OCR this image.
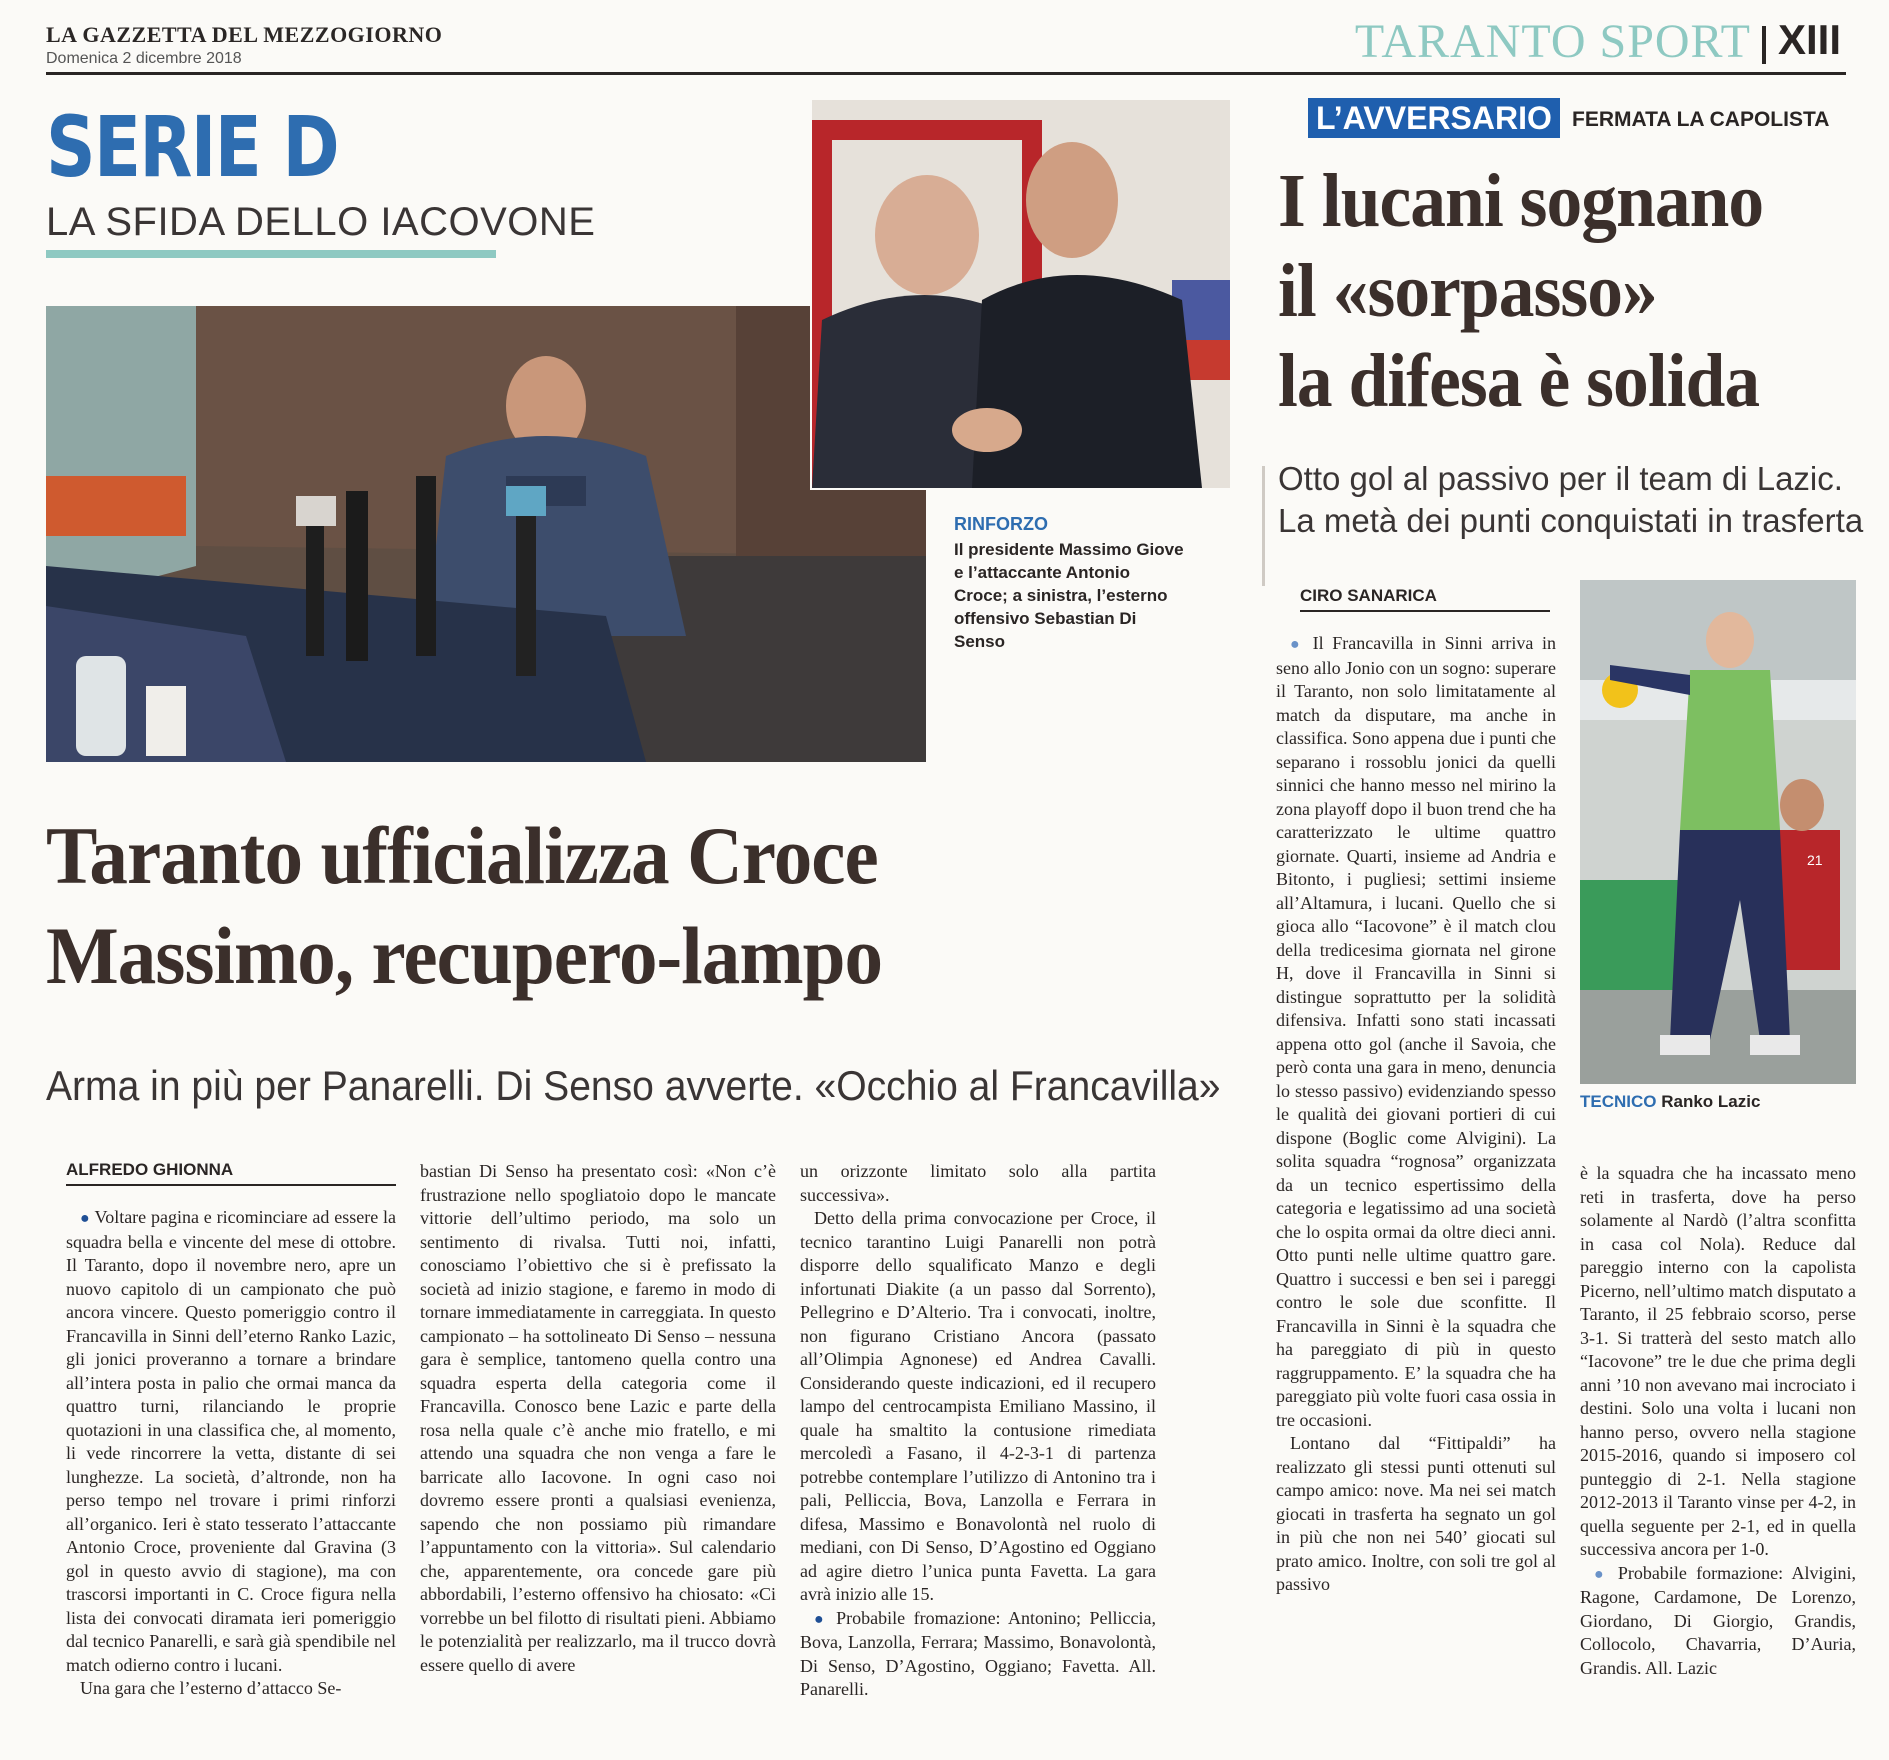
LA GAZZETTA DEL MEZZOGIORNO
Domenica 2 dicembre 2018	TARANTO SPORT XIII
SERIE D
LA SFIDA DELLO IACOVONE
RINFORZO
Il presidente Massimo Giove e l’attaccante Antonio Croce; a sinistra, l’esterno offensivo Sebastian Di Senso
Taranto ufficializza Croce
Massimo, recupero-lampo
Arma in più per Panarelli. Di Senso avverte. «Occhio al Francavilla»
ALFREDO GHIONNA

● Voltare pagina e ricominciare ad essere la squadra bella e vincente del mese di ottobre. Il Taranto, dopo il novembre nero, apre un nuovo capitolo di un campionato che può ancora vincere. Questo pomeriggio contro il Francavilla in Sinni dell’eterno Ranko Lazic, gli jonici proveranno a tornare a brindare all’intera posta in palio che ormai manca da quattro turni, rilanciando le proprie quotazioni in una classifica che, al momento, li vede rincorrere la vetta, distante di sei lunghezze. La società, d’altronde, non ha perso tempo nel trovare i primi rinforzi all’organico. Ieri è stato tesserato l’attaccante Antonio Croce, proveniente dal Gravina (3 gol in questo avvio di stagione), ma con trascorsi importanti in C. Croce figura nella lista dei convocati diramata ieri pomeriggio dal tecnico Panarelli, e sarà già spendibile nel match odierno contro i lucani.

Una gara che l’esterno d’attacco Se-

bastian Di Senso ha presentato così: «Non c’è frustrazione nello spogliatoio dopo le mancate vittorie dell’ultimo periodo, ma solo un sentimento di rivalsa. Tutti noi, infatti, conosciamo l’obiettivo che si è prefissato la società ad inizio stagione, e faremo in modo di tornare immediatamente in carreggiata. In questo campionato – ha sottolineato Di Senso – nessuna gara è semplice, tantomeno quella contro una squadra esperta della categoria come il Francavilla. Conosco bene Lazic e parte della rosa nella quale c’è anche mio fratello, e mi attendo una squadra che non venga a fare le barricate allo Iacovone. In ogni caso noi dovremo essere pronti a qualsiasi evenienza, sapendo che non possiamo più rimandare l’appuntamento con la vittoria». Sul calendario che, apparentemente, ora concede gare più abbordabili, l’esterno offensivo ha chiosato: «Ci vorrebbe un bel filotto di risultati pieni. Abbiamo le potenzialità per realizzarlo, ma il trucco dovrà essere quello di avere

un orizzonte limitato solo alla partita successiva».

Detto della prima convocazione per Croce, il tecnico tarantino Luigi Panarelli non potrà disporre dello squalificato Manzo e degli infortunati Diakite (a un passo dal Sorrento), Pellegrino e D’Alterio. Tra i convocati, inoltre, non figurano Cristiano Ancora (passato all’Olimpia Agnonese) ed Andrea Cavalli. Considerando queste indicazioni, ed il recupero lampo del centrocampista Emiliano Massino, il quale ha smaltito la contusione rimediata mercoledì a Fasano, il 4-2-3-1 di partenza potrebbe contemplare l’utilizzo di Antonino tra i pali, Pelliccia, Bova, Lanzolla e Ferrara in difesa, Massimo e Bonavolontà nel ruolo di mediani, con Di Senso, D’Agostino ed Oggiano ad agire dietro l’unica punta Favetta. La gara avrà inizio alle 15.

● Probabile fromazione: Antonino; Pelliccia, Bova, Lanzolla, Ferrara; Massimo, Bonavolontà, Di Senso, D’Agostino, Oggiano; Favetta. All. Panarelli.

L’AVVERSARIO FERMATA LA CAPOLISTA
I lucani sognano
il «sorpasso»
la difesa è solida
Otto gol al passivo per il team di Lazic.
La metà dei punti conquistati in trasferta
21
TECNICO Ranko Lazic
CIRO SANARICA

● Il Francavilla in Sinni arriva in seno allo Jonio con un sogno: superare il Taranto, non solo limitatamente al match da disputare, ma anche in classifica. Sono appena due i punti che separano i rossoblu jonici da quelli sinnici che hanno messo nel mirino la zona playoff dopo il buon trend che ha caratterizzato le ultime quattro giornate. Quarti, insieme ad Andria e Bitonto, i pugliesi; settimi insieme all’Altamura, i lucani. Quello che si gioca allo “Iacovone” è il match clou della tredicesima giornata nel girone H, dove il Francavilla in Sinni si distingue soprattutto per la solidità difensiva. Infatti sono stati incassati appena otto gol (anche il Savoia, che però conta una gara in meno, denuncia lo stesso passivo) evidenziando spesso le qualità dei giovani portieri di cui dispone (Boglic come Alvigini). La solita squadra “rognosa” organizzata da un tecnico espertissimo della categoria e legatissimo ad una società che lo ospita ormai da oltre dieci anni. Otto punti nelle ultime quattro gare. Quattro i successi e ben sei i pareggi contro le sole due sconfitte. Il Francavilla in Sinni è la squadra che ha pareggiato di più in questo raggruppamento. E’ la squadra che ha pareggiato più volte fuori casa ossia in tre occasioni.

Lontano dal “Fittipaldi” ha realizzato gli stessi punti ottenuti sul campo amico: nove. Ma nei sei match giocati in trasferta ha segnato un gol in più che non nei 540’ giocati sul prato amico. Inoltre, con soli tre gol al passivo

è la squadra che ha incassato meno reti in trasferta, dove ha perso solamente al Nardò (l’altra sconfitta in casa col Nola). Reduce dal pareggio interno con la capolista Picerno, nell’ultimo match disputato a Taranto, il 25 febbraio scorso, perse 3-1. Si tratterà del sesto match allo “Iacovone” tre le due che prima degli anni ’10 non avevano mai incrociato i destini. Solo una volta i lucani non hanno perso, ovvero nella stagione 2015-2016, quando si imposero col punteggio di 2-1. Nella stagione 2012-2013 il Taranto vinse per 4-2, in quella seguente per 2-1, ed in quella successiva ancora per 1-0.

● Probabile formazione: Alvigini, Ragone, Cardamone, De Lorenzo, Giordano, Di Giorgio, Grandis, Collocolo, Chavarria, D’Auria, Grandis. All. Lazic
